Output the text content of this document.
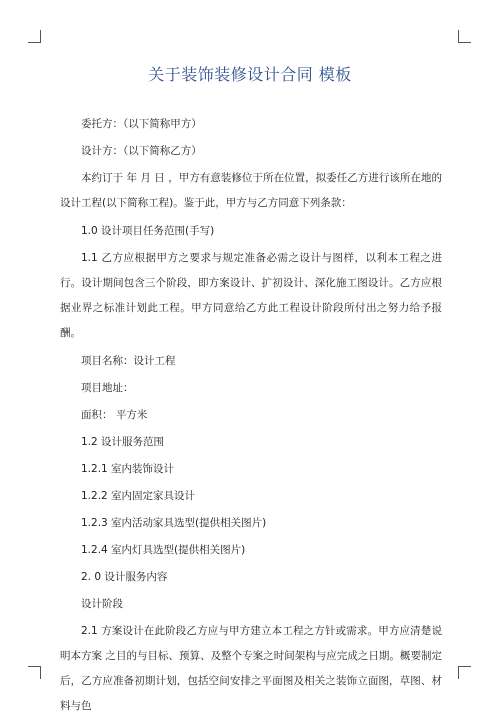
关于装饰装修设计合同 模板

委托方：（以下简称甲方）

设计方：（以下简称乙方）

本约订于 年 月 日 ，甲方有意装修位于所在位置，拟委任乙方进行该所在地的设计工程(以下简称工程)。鉴于此，甲方与乙方同意下列条款：

1.0 设计项目任务范围(手写)

1.1 乙方应根据甲方之要求与规定准备必需之设计与图样，以利本工程之进行。设计期间包含三个阶段，即方案设计、扩初设计、深化施工图设计。乙方应根据业界之标准计划此工程。甲方同意给乙方此工程设计阶段所付出之努力给予报酬。

项目名称：设计工程

项目地址：

面积： 平方米

1.2 设计服务范围

1.2.1 室内装饰设计

1.2.2 室内固定家具设计

1.2.3 室内活动家具选型(提供相关图片)

1.2.4 室内灯具选型(提供相关图片)

2. 0 设计服务内容

设计阶段

2.1 方案设计在此阶段乙方应与甲方建立本工程之方针或需求。甲方应清楚说明本方案 之目的与目标、预算、及整个专案之时间架构与应完成之日期。概要制定后，乙方应准备初期计划，包括空间安排之平面图及相关之装饰立面图，草图、材料与色
